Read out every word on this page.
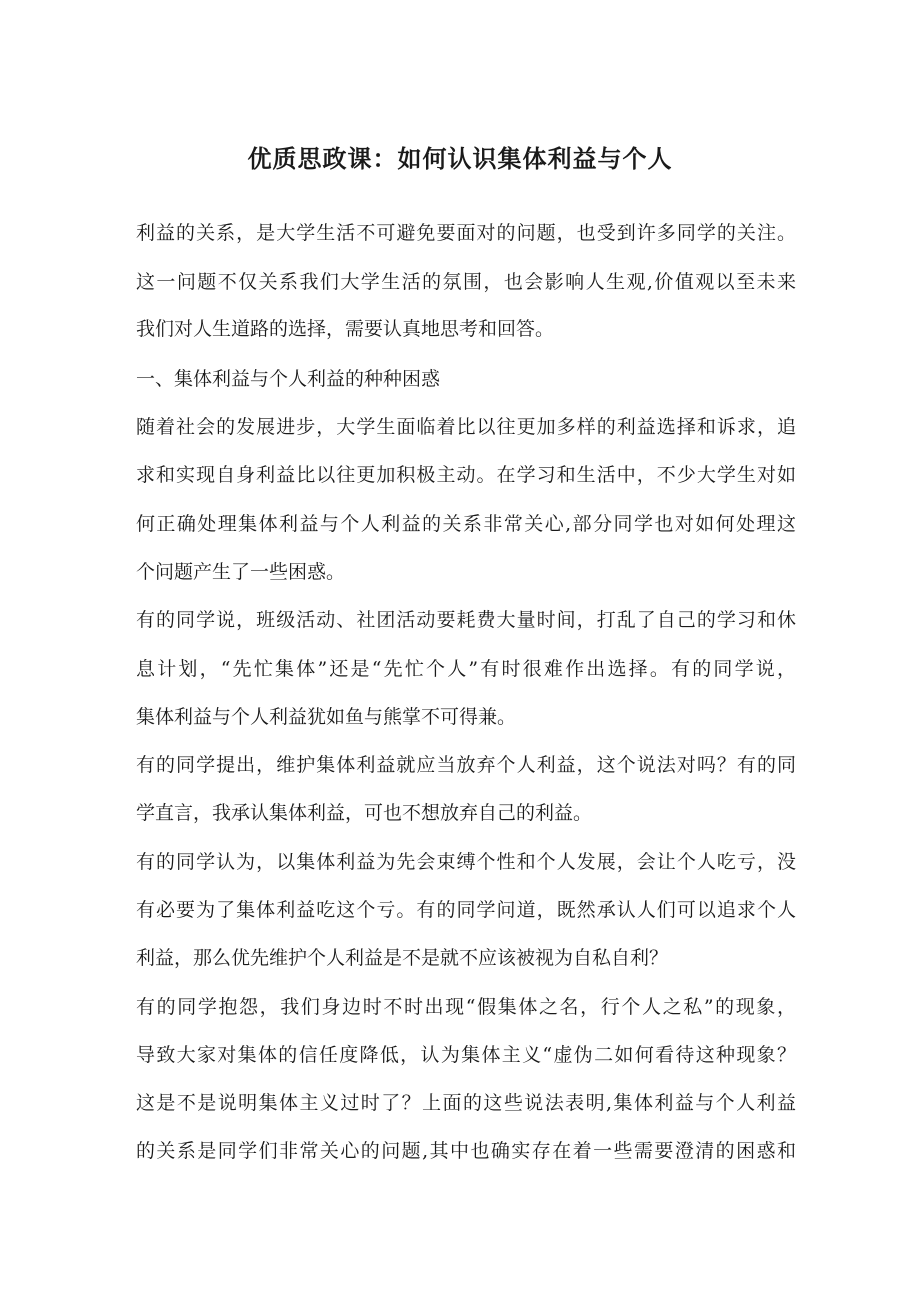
优质思政课：如何认识集体利益与个人

利益的关系，是大学生活不可避免要面对的问题，也受到许多同学的关注。

这一问题不仅关系我们大学生活的氛围，也会影响人生观,价值观以至未来

我们对人生道路的选择，需要认真地思考和回答。

一、集体利益与个人利益的种种困惑

随着社会的发展进步，大学生面临着比以往更加多样的利益选择和诉求，追

求和实现自身利益比以往更加积极主动。在学习和生活中，不少大学生对如

何正确处理集体利益与个人利益的关系非常关心,部分同学也对如何处理这

个问题产生了一些困惑。

有的同学说，班级活动、社团活动要耗费大量时间，打乱了自己的学习和休

息计划，“先忙集体”还是“先忙个人”有时很难作出选择。有的同学说，

集体利益与个人利益犹如鱼与熊掌不可得兼。

有的同学提出，维护集体利益就应当放弃个人利益，这个说法对吗？有的同

学直言，我承认集体利益，可也不想放弃自己的利益。

有的同学认为，以集体利益为先会束缚个性和个人发展，会让个人吃亏，没

有必要为了集体利益吃这个亏。有的同学问道，既然承认人们可以追求个人

利益，那么优先维护个人利益是不是就不应该被视为自私自利？

有的同学抱怨，我们身边时不时出现“假集体之名，行个人之私”的现象，

导致大家对集体的信任度降低，认为集体主义“虚伪二如何看待这种现象？

这是不是说明集体主义过时了？上面的这些说法表明,集体利益与个人利益

的关系是同学们非常关心的问题,其中也确实存在着一些需要澄清的困惑和
